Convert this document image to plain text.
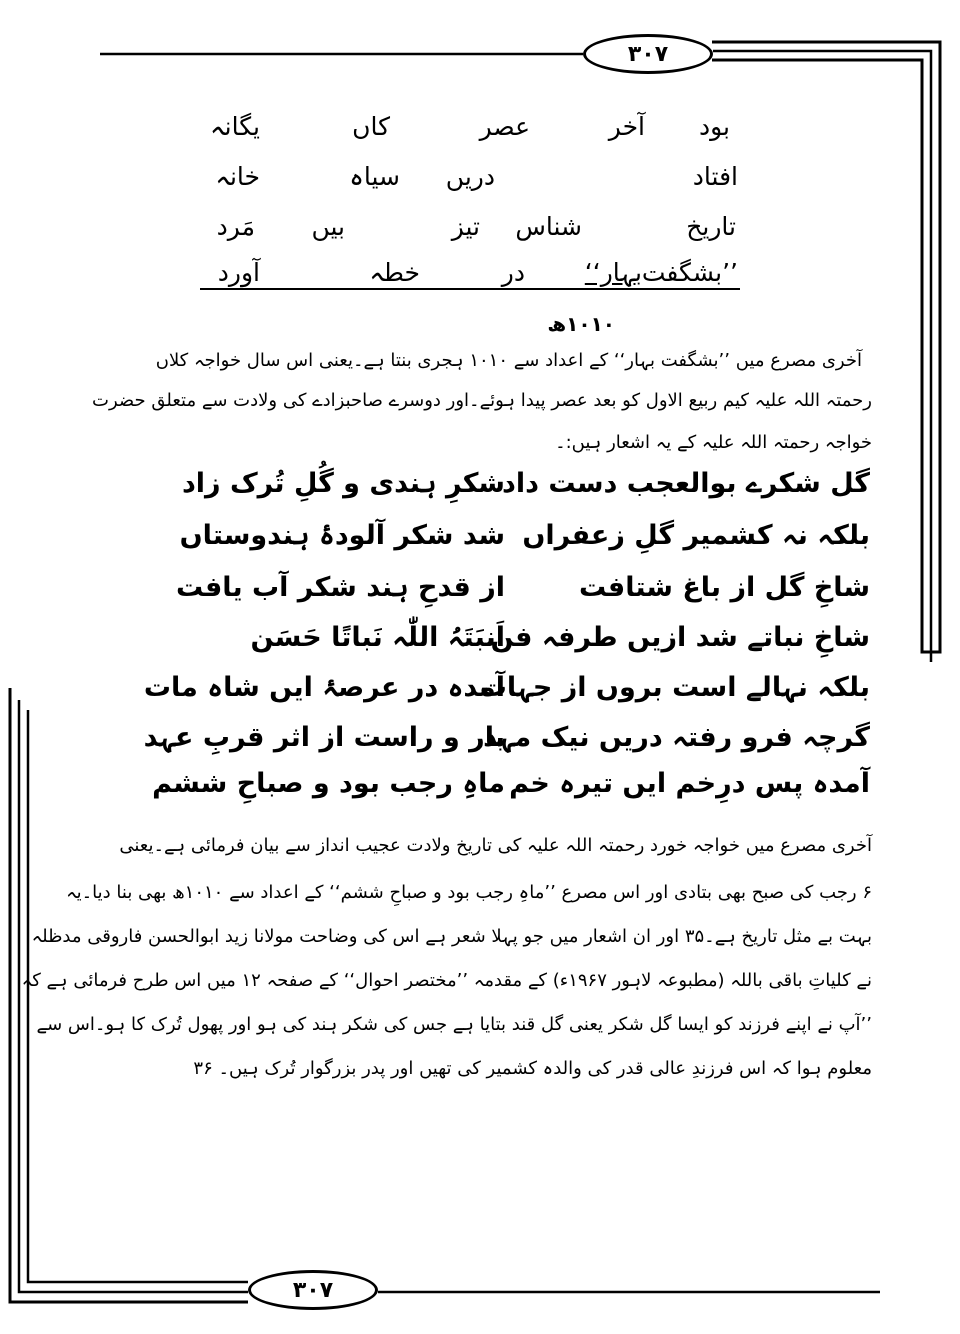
۳۰۷
بود
آخر
عصر
کاں
یگانہ
افتاد
دریں
سیاہ
خانہ
تاریخ
شناس
تیز
بیں
مَرد
’’بشگفت
بہار‘‘
در
خطہ
آورد
۱۰۱۰ھ
آخری مصرع میں ’’بشگفت بہار‘‘ کے اعداد سے ۱۰۱۰ ہجری بنتا ہے۔یعنی اس سال خواجہ کلاں
رحمتہ اللہ علیہ کیم ربیع الاول کو بعد عصر پیدا ہوئے۔اور دوسرے صاحبزادے کی ولادت سے متعلق حضرت
خواجہ رحمتہ اللہ علیہ کے یہ اشعار ہیں:۔
گل شکرے بوالعجب دست داد
شکرِ ہندی و گُلِ تُرک زاد
بلکہ نہ کشمیر گلِ زعفراں
شد شکر آلودۂ ہندوستاں
شاخِ گل از باغ شتافت
از قدحِ ہند شکر آب یافت
شاخِ نباتے شد ازیں طرفہ فن
اَنبَتَہُ اللّٰہ نَباتًا حَسَن
بلکہ نہالے است بروں از جہات
آمدہ در عرصۂ ایں شاہ مات
گرچہ فرو رفتہ دریں نیک مہد
بار و راست از اثر قربِ عہد
آمدہ پس درِخم ایں تیرہ خم
ماہِ رجب بود و صباحِ ششم
آخری مصرع میں خواجہ خورد رحمتہ اللہ علیہ کی تاریخ ولادت عجیب انداز سے بیان فرمائی ہے۔یعنی
۶ رجب کی صبح بھی بتادی اور اس مصرع ’’ماہِ رجب بود و صباحِ ششم‘‘ کے اعداد سے ۱۰۱۰ھ بھی بنا دیا۔یہ
بہت بے مثل تاریخ ہے۔۳۵ اور ان اشعار میں جو پہلا شعر ہے اس کی وضاحت مولانا زید ابوالحسن فاروقی مدظلہ
نے کلیاتِ باقی باللہ (مطبوعہ لاہور ۱۹۶۷ء) کے مقدمہ ’’مختصر احوال‘‘ کے صفحہ ۱۲ میں اس طرح فرمائی ہے کہ
’’آپ نے اپنے فرزند کو ایسا گل شکر یعنی گل قند بتایا ہے جس کی شکر ہند کی ہو اور پھول تُرک کا ہو۔اس سے
معلوم ہوا کہ اس فرزندِ عالی قدر کی والدہ کشمیر کی تھیں اور پدر بزرگوار تُرک ہیں۔ ۳۶
۳۰۷
